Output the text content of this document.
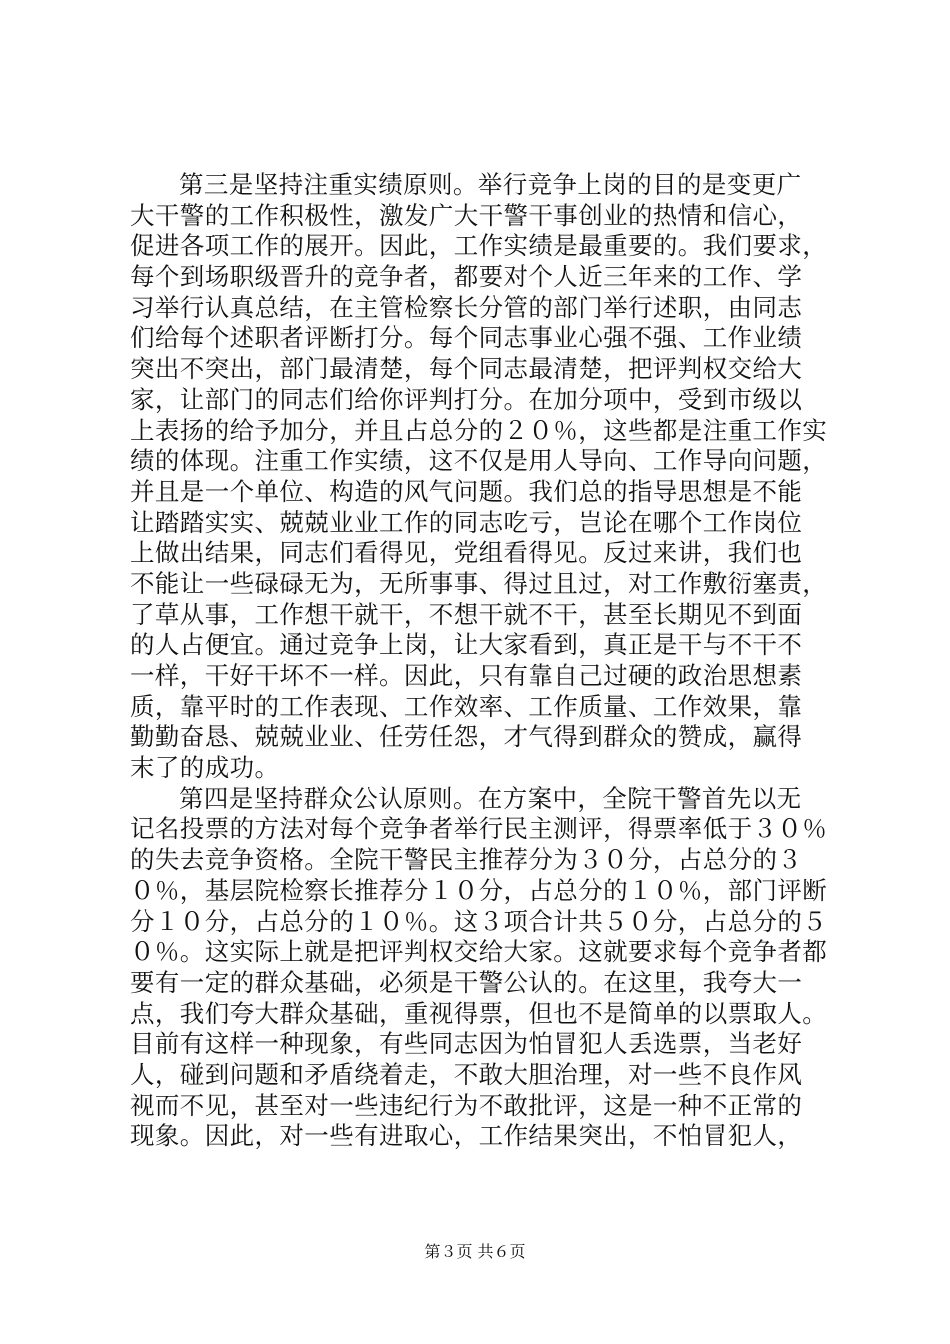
第三是坚持注重实绩原则。举行竞争上岗的目的是变更广
大干警的工作积极性，激发广大干警干事创业的热情和信心，
促进各项工作的展开。因此，工作实绩是最重要的。我们要求，
每个到场职级晋升的竞争者，都要对个人近三年来的工作、学
习举行认真总结，在主管检察长分管的部门举行述职，由同志
们给每个述职者评断打分。每个同志事业心强不强、工作业绩
突出不突出，部门最清楚，每个同志最清楚，把评判权交给大
家，让部门的同志们给你评判打分。在加分项中，受到市级以
上表扬的给予加分，并且占总分的２０％，这些都是注重工作实
绩的体现。注重工作实绩，这不仅是用人导向、工作导向问题，
并且是一个单位、构造的风气问题。我们总的指导思想是不能
让踏踏实实、兢兢业业工作的同志吃亏，岂论在哪个工作岗位
上做出结果，同志们看得见，党组看得见。反过来讲，我们也
不能让一些碌碌无为，无所事事、得过且过，对工作敷衍塞责，
了草从事，工作想干就干，不想干就不干，甚至长期见不到面
的人占便宜。通过竞争上岗，让大家看到，真正是干与不干不
一样，干好干坏不一样。因此，只有靠自己过硬的政治思想素
质，靠平时的工作表现、工作效率、工作质量、工作效果，靠
勤勤奋恳、兢兢业业、任劳任怨，才气得到群众的赞成，赢得
末了的成功。
第四是坚持群众公认原则。在方案中，全院干警首先以无
记名投票的方法对每个竞争者举行民主测评，得票率低于３０％
的失去竞争资格。全院干警民主推荐分为３０分，占总分的３
０％，基层院检察长推荐分１０分，占总分的１０％，部门评断
分１０分，占总分的１０％。这３项合计共５０分，占总分的５
０％。这实际上就是把评判权交给大家。这就要求每个竞争者都
要有一定的群众基础，必须是干警公认的。在这里，我夸大一
点，我们夸大群众基础，重视得票，但也不是简单的以票取人。
目前有这样一种现象，有些同志因为怕冒犯人丢选票，当老好
人，碰到问题和矛盾绕着走，不敢大胆治理，对一些不良作风
视而不见，甚至对一些违纪行为不敢批评，这是一种不正常的
现象。因此，对一些有进取心，工作结果突出，不怕冒犯人，
第３页 共６页
